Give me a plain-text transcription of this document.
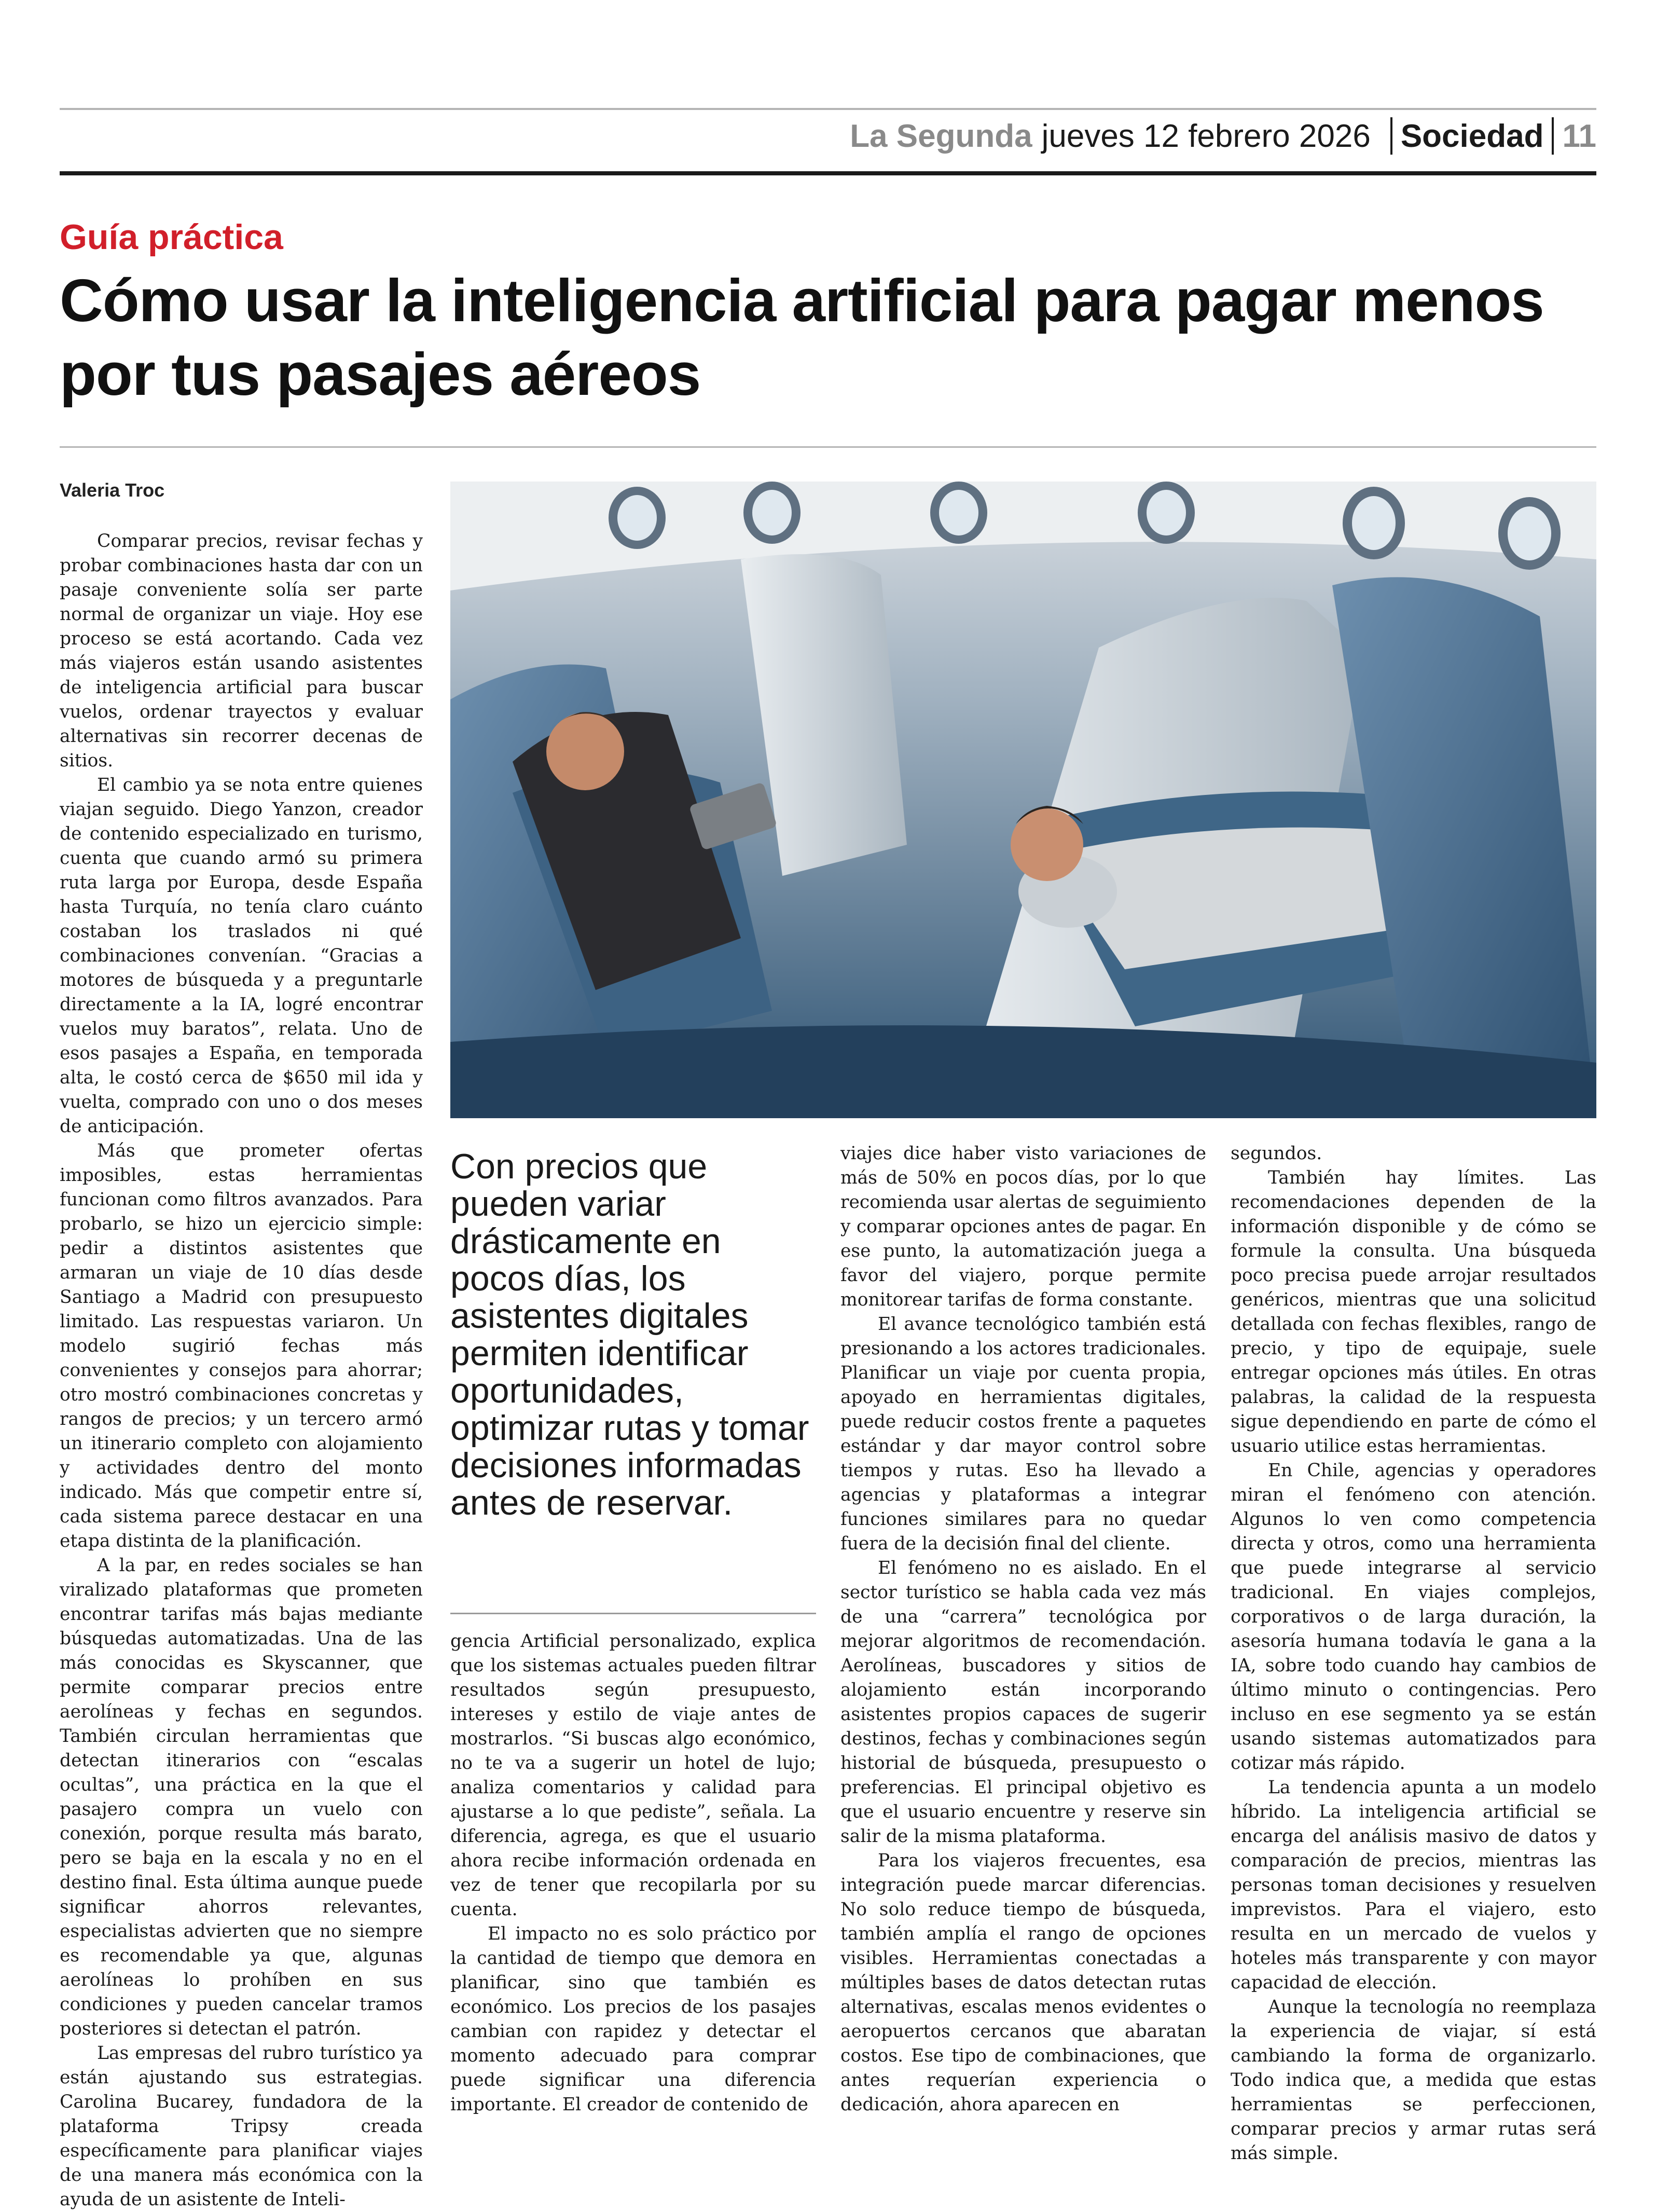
La Segunda jueves 12 febrero 2026 Sociedad 11
Guía práctica
Cómo usar la inteligencia artificial para pagar menos por tus pasajes aéreos
Valeria Troc

Comparar precios, revisar fechas y probar combinaciones hasta dar con un pasaje conveniente solía ser parte normal de organizar un viaje. Hoy ese proceso se está acortando. Cada vez más viajeros están usando asistentes de inteligencia artificial para buscar vuelos, ordenar trayectos y evaluar alternativas sin recorrer decenas de sitios.

El cambio ya se nota entre quienes viajan seguido. Diego Yanzon, creador de contenido especializado en turismo, cuenta que cuando armó su primera ruta larga por Europa, desde España hasta Turquía, no tenía claro cuánto costaban los traslados ni qué combinaciones convenían. “Gracias a motores de búsqueda y a preguntarle directamente a la IA, logré encontrar vuelos muy baratos”, relata. Uno de esos pasajes a España, en temporada alta, le costó cerca de $650 mil ida y vuelta, comprado con uno o dos meses de anticipación.

Más que prometer ofertas imposibles, estas herramientas funcionan como filtros avanzados. Para probarlo, se hizo un ejercicio simple: pedir a distintos asistentes que armaran un viaje de 10 días desde Santiago a Madrid con presupuesto limitado. Las respuestas variaron. Un modelo sugirió fechas más convenientes y consejos para ahorrar; otro mostró combinaciones concretas y rangos de precios; y un tercero armó un itinerario completo con alojamiento y actividades dentro del monto indicado. Más que competir entre sí, cada sistema parece destacar en una etapa distinta de la planificación.

A la par, en redes sociales se han viralizado plataformas que prometen encontrar tarifas más bajas mediante búsquedas automatizadas. Una de las más conocidas es Skyscanner, que permite comparar precios entre aerolíneas y fechas en segundos. También circulan herramientas que detectan itinerarios con “escalas ocultas”, una práctica en la que el pasajero compra un vuelo con conexión, porque resulta más barato, pero se baja en la escala y no en el destino final. Esta última aunque puede significar ahorros relevantes, especialistas advierten que no siempre es recomendable ya que, algunas aerolíneas lo prohíben en sus condiciones y pueden cancelar tramos posteriores si detectan el patrón.

Las empresas del rubro turístico ya están ajustando sus estrategias. Carolina Bucarey, fundadora de la plataforma Tripsy creada específicamente para planificar viajes de una manera más económica con la ayuda de un asistente de Inteli-

Con precios que pueden variar drásticamente en pocos días, los asistentes digitales permiten identificar oportunidades, optimizar rutas y tomar decisiones informadas antes de reservar.

gencia Artificial personalizado, explica que los sistemas actuales pueden filtrar resultados según presupuesto, intereses y estilo de viaje antes de mostrarlos. “Si buscas algo económico, no te va a sugerir un hotel de lujo; analiza comentarios y calidad para ajustarse a lo que pediste”, señala. La diferencia, agrega, es que el usuario ahora recibe información ordenada en vez de tener que recopilarla por su cuenta.

El impacto no es solo práctico por la cantidad de tiempo que demora en planificar, sino que también es económico. Los precios de los pasajes cambian con rapidez y detectar el momento adecuado para comprar puede significar una diferencia importante. El creador de contenido de

viajes dice haber visto variaciones de más de 50% en pocos días, por lo que recomienda usar alertas de seguimiento y comparar opciones antes de pagar. En ese punto, la automatización juega a favor del viajero, porque permite monitorear tarifas de forma constante.

El avance tecnológico también está presionando a los actores tradicionales. Planificar un viaje por cuenta propia, apoyado en herramientas digitales, puede reducir costos frente a paquetes estándar y dar mayor control sobre tiempos y rutas. Eso ha llevado a agencias y plataformas a integrar funciones similares para no quedar fuera de la decisión final del cliente.

El fenómeno no es aislado. En el sector turístico se habla cada vez más de una “carrera” tecnológica por mejorar algoritmos de recomendación. Aerolíneas, buscadores y sitios de alojamiento están incorporando asistentes propios capaces de sugerir destinos, fechas y combinaciones según historial de búsqueda, presupuesto o preferencias. El principal objetivo es que el usuario encuentre y reserve sin salir de la misma plataforma.

Para los viajeros frecuentes, esa integración puede marcar diferencias. No solo reduce tiempo de búsqueda, también amplía el rango de opciones visibles. Herramientas conectadas a múltiples bases de datos detectan rutas alternativas, escalas menos evidentes o aeropuertos cercanos que abaratan costos. Ese tipo de combinaciones, que antes requerían experiencia o dedicación, ahora aparecen en

segundos.

También hay límites. Las recomendaciones dependen de la información disponible y de cómo se formule la consulta. Una búsqueda poco precisa puede arrojar resultados genéricos, mientras que una solicitud detallada con fechas flexibles, rango de precio, y tipo de equipaje, suele entregar opciones más útiles. En otras palabras, la calidad de la respuesta sigue dependiendo en parte de cómo el usuario utilice estas herramientas.

En Chile, agencias y operadores miran el fenómeno con atención. Algunos lo ven como competencia directa y otros, como una herramienta que puede integrarse al servicio tradicional. En viajes complejos, corporativos o de larga duración, la asesoría humana todavía le gana a la IA, sobre todo cuando hay cambios de último minuto o contingencias. Pero incluso en ese segmento ya se están usando sistemas automatizados para cotizar más rápido.

La tendencia apunta a un modelo híbrido. La inteligencia artificial se encarga del análisis masivo de datos y comparación de precios, mientras las personas toman decisiones y resuelven imprevistos. Para el viajero, esto resulta en un mercado de vuelos y hoteles más transparente y con mayor capacidad de elección.

Aunque la tecnología no reemplaza la experiencia de viajar, sí está cambiando la forma de organizarlo. Todo indica que, a medida que estas herramientas se perfeccionen, comparar precios y armar rutas será más simple.
